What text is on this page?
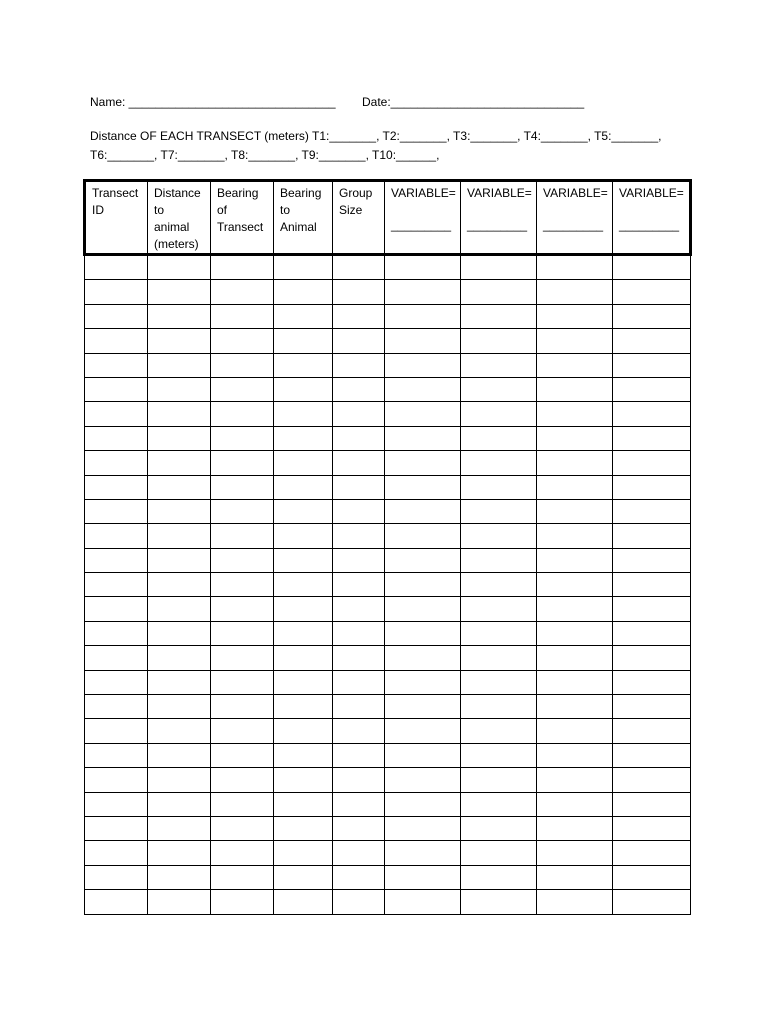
Name: _______________________________ Date:_____________________________
Distance OF EACH TRANSECT (meters) T1:_______, T2:_______, T3:_______, T4:_______, T5:_______,
T6:_______, T7:_______, T8:_______, T9:_______, T10:______,
Transect
ID	Distance
to
animal
(meters)	Bearing
of
Transect	Bearing
to
Animal	Group
Size	VARIABLE=
_________	VARIABLE=
_________	VARIABLE=
_________	VARIABLE=
_________
